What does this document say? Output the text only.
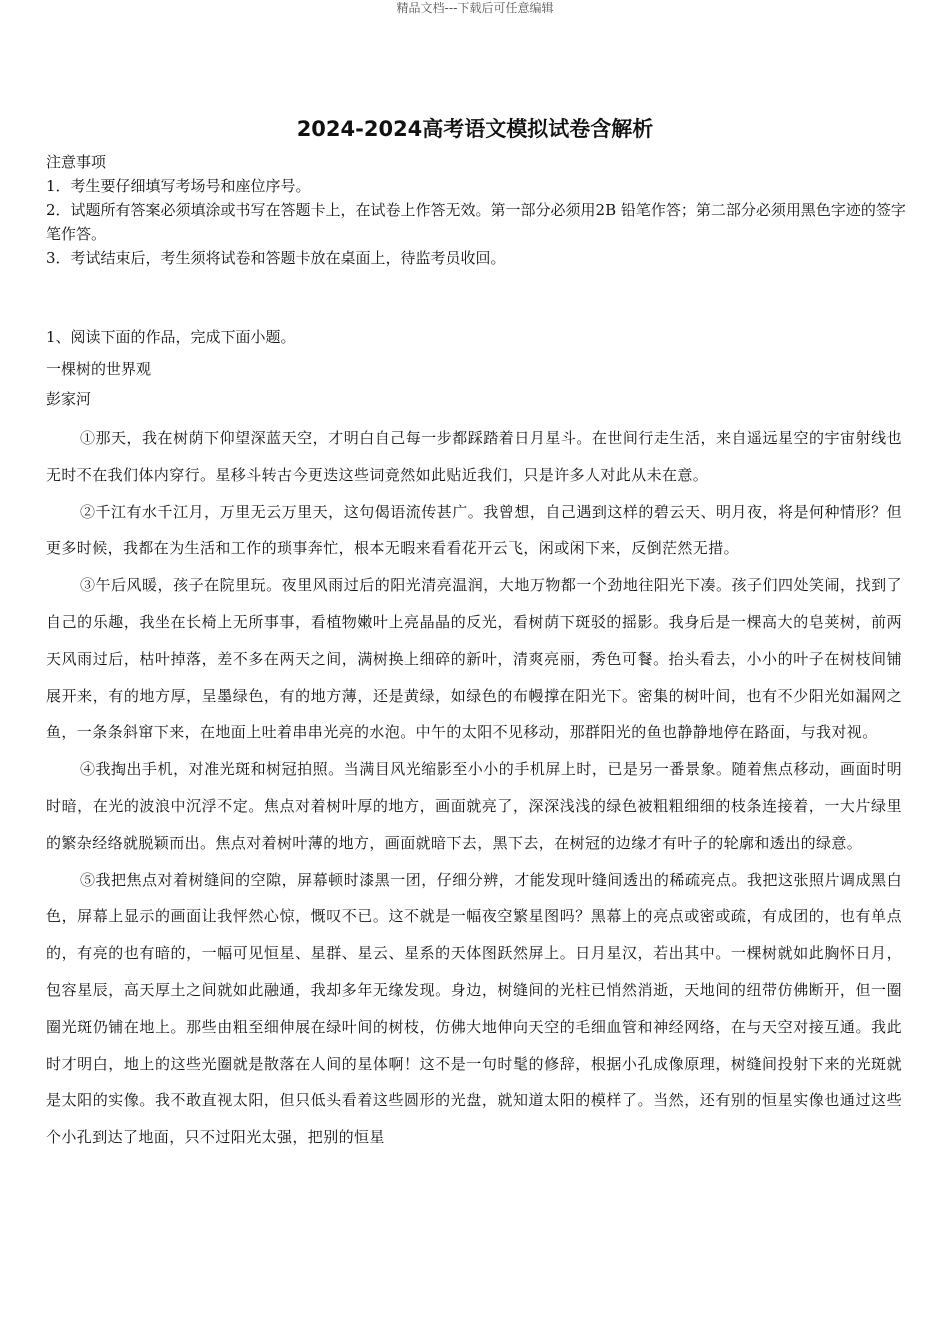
精品文档---下载后可任意编辑
2024-2024高考语文模拟试卷含解析

注意事项

1．考生要仔细填写考场号和座位序号。

2．试题所有答案必须填涂或书写在答题卡上，在试卷上作答无效。第一部分必须用2B 铅笔作答；第二部分必须用黑色字迹的签字笔作答。

3．考试结束后，考生须将试卷和答题卡放在桌面上，待监考员收回。

1、阅读下面的作品，完成下面小题。

一棵树的世界观

彭家河

①那天，我在树荫下仰望深蓝天空，才明白自己每一步都踩踏着日月星斗。在世间行走生活，来自遥远星空的宇宙射线也无时不在我们体内穿行。星移斗转古今更迭这些词竟然如此贴近我们，只是许多人对此从未在意。

②千江有水千江月，万里无云万里天，这句偈语流传甚广。我曾想，自己遇到这样的碧云天、明月夜，将是何种情形？但更多时候，我都在为生活和工作的琐事奔忙，根本无暇来看看花开云飞，闲或闲下来，反倒茫然无措。

③午后风暖，孩子在院里玩。夜里风雨过后的阳光清亮温润，大地万物都一个劲地往阳光下凑。孩子们四处笑闹，找到了自己的乐趣，我坐在长椅上无所事事，看植物嫩叶上亮晶晶的反光，看树荫下斑驳的摇影。我身后是一棵高大的皂荚树，前两天风雨过后，枯叶掉落，差不多在两天之间，满树换上细碎的新叶，清爽亮丽，秀色可餐。抬头看去，小小的叶子在树枝间铺展开来，有的地方厚，呈墨绿色，有的地方薄，还是黄绿，如绿色的布幔撑在阳光下。密集的树叶间，也有不少阳光如漏网之鱼，一条条斜窜下来，在地面上吐着串串光亮的水泡。中午的太阳不见移动，那群阳光的鱼也静静地停在路面，与我对视。

④我掏出手机，对准光斑和树冠拍照。当满目风光缩影至小小的手机屏上时，已是另一番景象。随着焦点移动，画面时明时暗，在光的波浪中沉浮不定。焦点对着树叶厚的地方，画面就亮了，深深浅浅的绿色被粗粗细细的枝条连接着，一大片绿里的繁杂经络就脱颖而出。焦点对着树叶薄的地方，画面就暗下去，黑下去，在树冠的边缘才有叶子的轮廓和透出的绿意。

⑤我把焦点对着树缝间的空隙，屏幕顿时漆黑一团，仔细分辨，才能发现叶缝间透出的稀疏亮点。我把这张照片调成黑白色，屏幕上显示的画面让我怦然心惊，慨叹不已。这不就是一幅夜空繁星图吗？黑幕上的亮点或密或疏，有成团的，也有单点的，有亮的也有暗的，一幅可见恒星、星群、星云、星系的天体图跃然屏上。日月星汉，若出其中。一棵树就如此胸怀日月，包容星辰，高天厚土之间就如此融通，我却多年无缘发现。身边，树缝间的光柱已悄然消逝，天地间的纽带仿佛断开，但一圈圈光斑仍铺在地上。那些由粗至细伸展在绿叶间的树枝，仿佛大地伸向天空的毛细血管和神经网络，在与天空对接互通。我此时才明白，地上的这些光圈就是散落在人间的星体啊！这不是一句时髦的修辞，根据小孔成像原理，树缝间投射下来的光斑就是太阳的实像。我不敢直视太阳，但只低头看着这些圆形的光盘，就知道太阳的模样了。当然，还有别的恒星实像也通过这些个小孔到达了地面，只不过阳光太强，把别的恒星
